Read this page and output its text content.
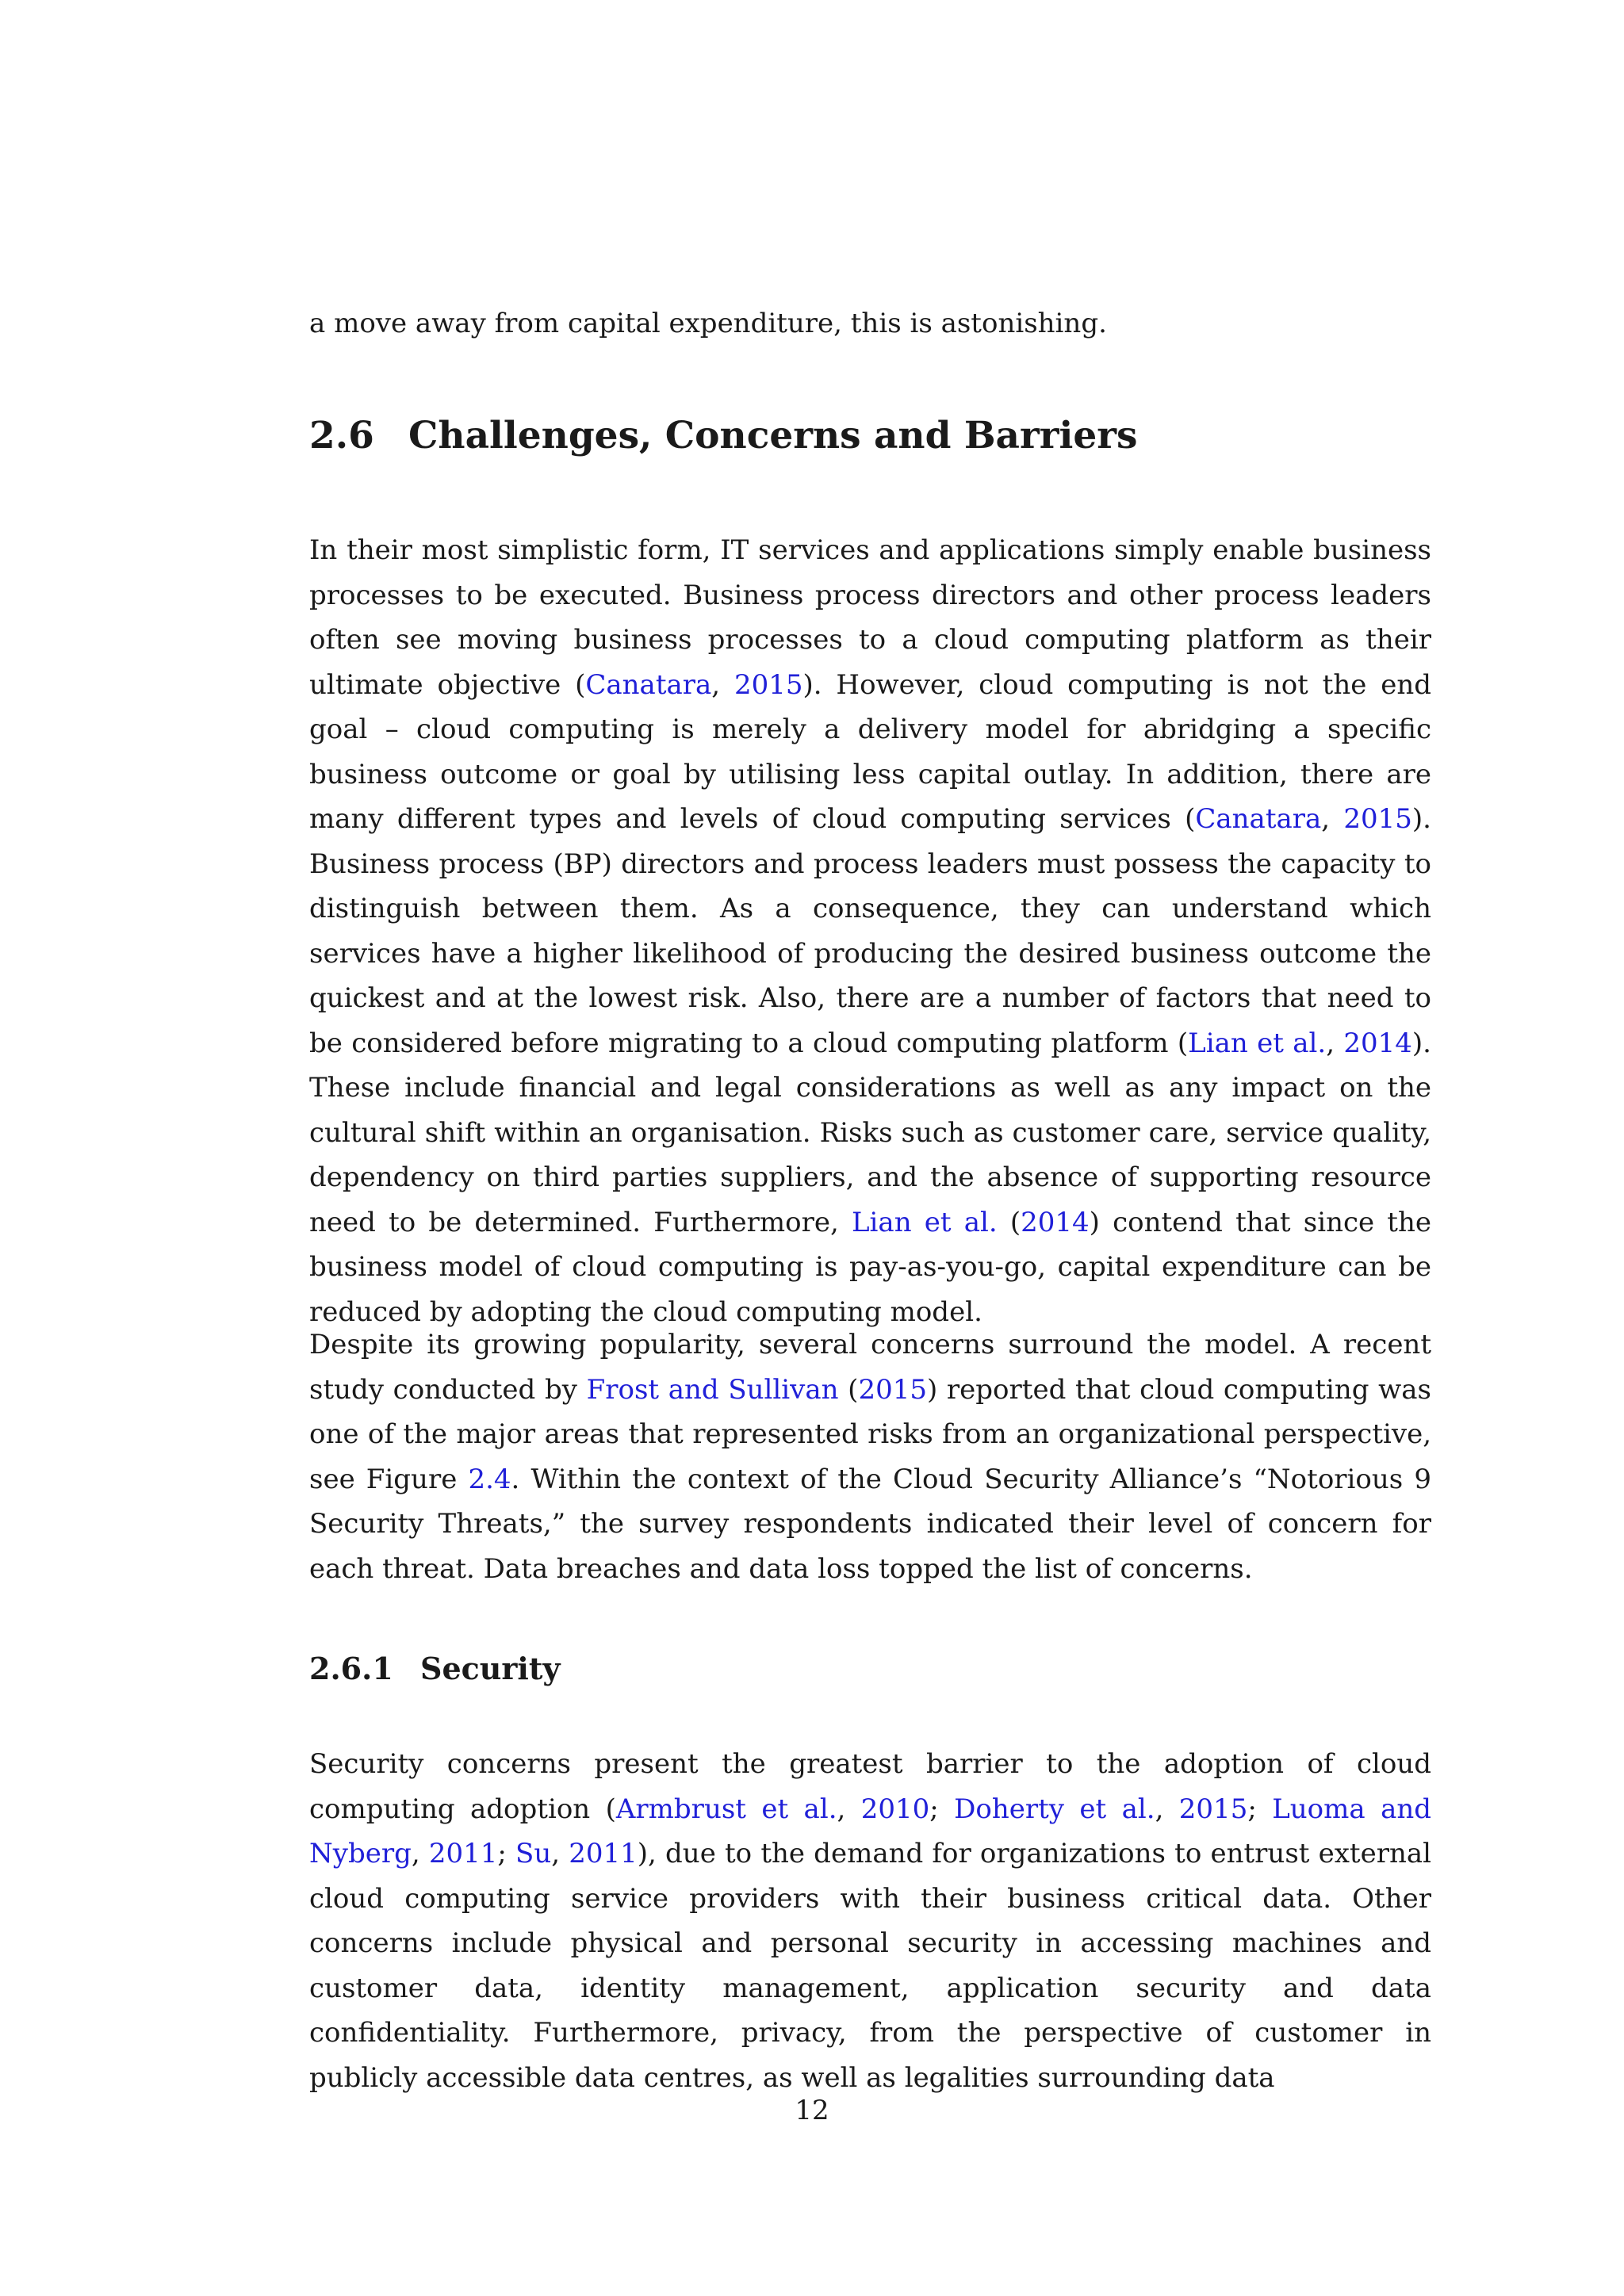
a move away from capital expenditure, this is astonishing.

2.6 Challenges, Concerns and Barriers

In their most simplistic form, IT services and applications simply enable business processes to be executed. Business process directors and other process leaders often see moving business processes to a cloud computing platform as their ultimate objective (Canatara, 2015). However, cloud computing is not the end goal – cloud computing is merely a delivery model for abridging a specific business outcome or goal by utilising less capital outlay. In addition, there are many different types and levels of cloud computing services (Canatara, 2015). Business process (BP) directors and process leaders must possess the capacity to distinguish between them. As a consequence, they can understand which services have a higher likelihood of producing the desired business outcome the quickest and at the lowest risk. Also, there are a number of factors that need to be considered before migrating to a cloud computing platform (Lian et al., 2014). These include financial and legal considerations as well as any impact on the cultural shift within an organisation. Risks such as customer care, service quality, dependency on third parties suppliers, and the absence of supporting resource need to be determined. Furthermore, Lian et al. (2014) contend that since the business model of cloud computing is pay-as-you-go, capital expenditure can be reduced by adopting the cloud computing model.

Despite its growing popularity, several concerns surround the model. A recent study conducted by Frost and Sullivan (2015) reported that cloud computing was one of the major areas that represented risks from an organizational perspective, see Figure 2.4. Within the context of the Cloud Security Alliance’s “Notorious 9 Security Threats,” the survey respondents indicated their level of concern for each threat. Data breaches and data loss topped the list of concerns.

2.6.1 Security

Security concerns present the greatest barrier to the adoption of cloud computing adoption (Armbrust et al., 2010; Doherty et al., 2015; Luoma and Nyberg, 2011; Su, 2011), due to the demand for organizations to entrust external cloud computing service providers with their business critical data. Other concerns include physical and personal security in accessing machines and customer data, identity management, application security and data confidentiality. Furthermore, privacy, from the perspective of customer in publicly accessible data centres, as well as legalities surrounding data

12
